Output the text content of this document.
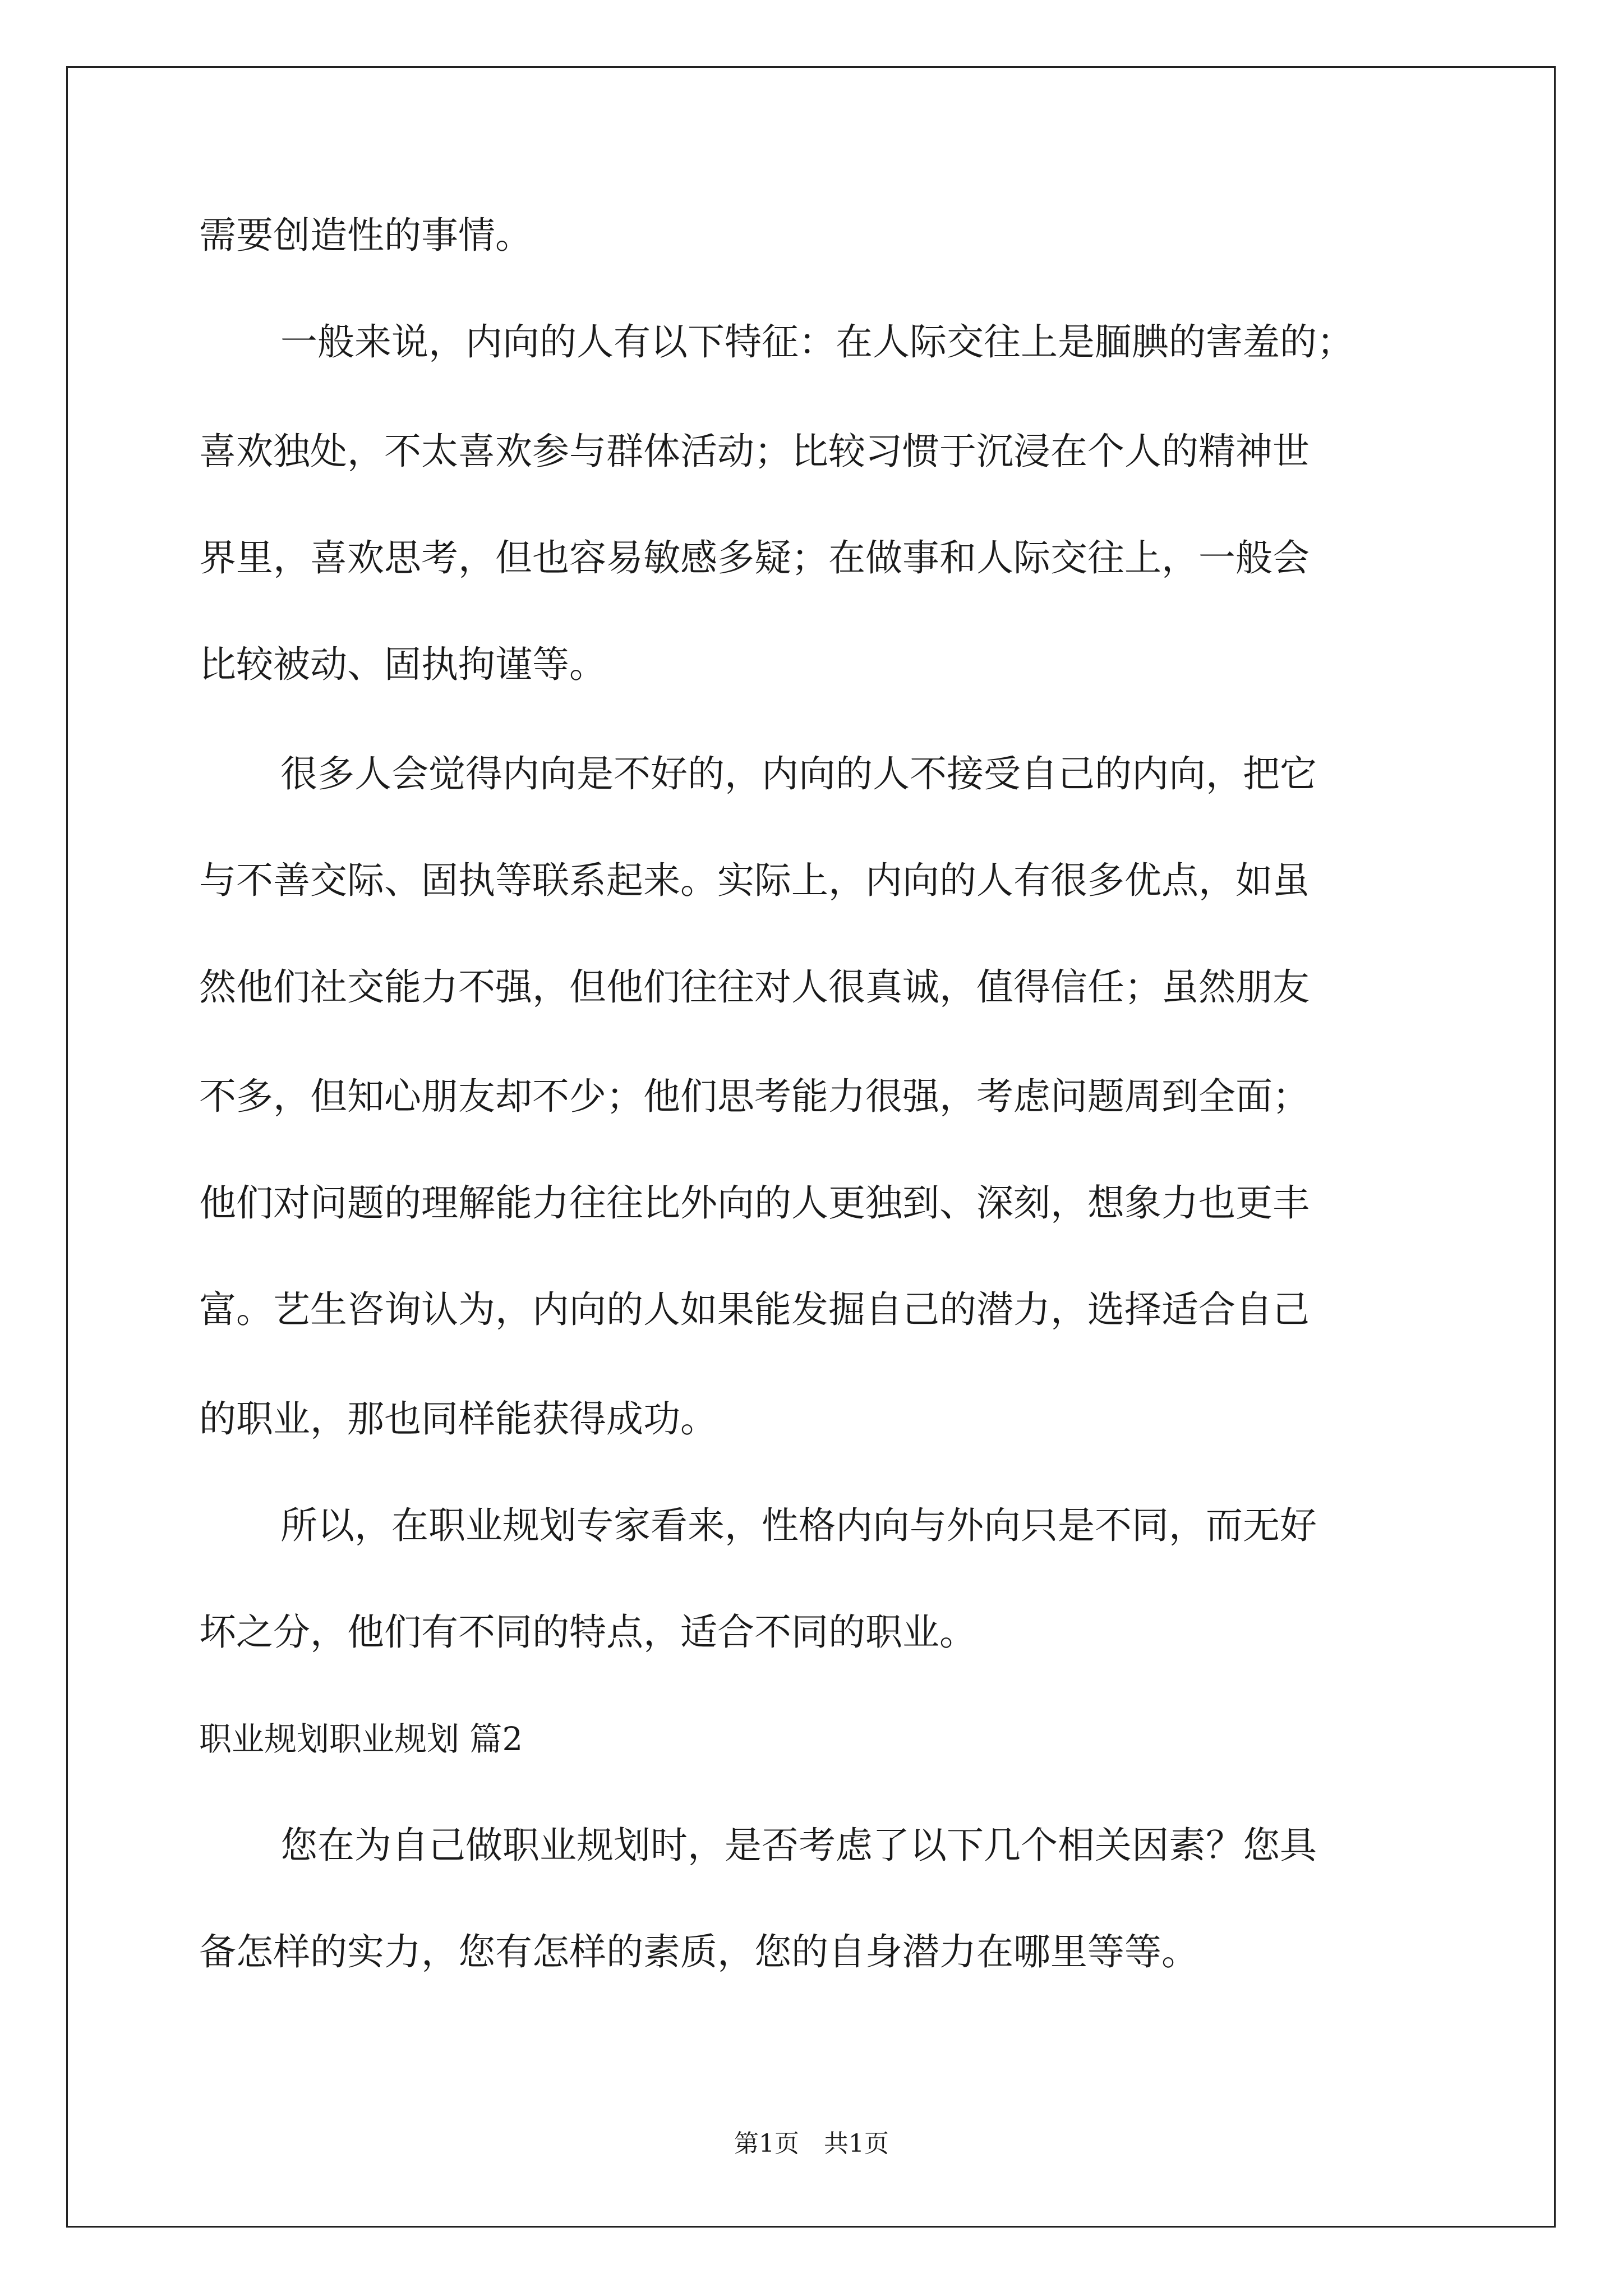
需要创造性的事情。

一般来说，内向的人有以下特征：在人际交往上是腼腆的害羞的；

喜欢独处，不太喜欢参与群体活动；比较习惯于沉浸在个人的精神世

界里，喜欢思考，但也容易敏感多疑；在做事和人际交往上，一般会

比较被动、固执拘谨等。

很多人会觉得内向是不好的，内向的人不接受自己的内向，把它

与不善交际、固执等联系起来。实际上，内向的人有很多优点，如虽

然他们社交能力不强，但他们往往对人很真诚，值得信任；虽然朋友

不多，但知心朋友却不少；他们思考能力很强，考虑问题周到全面；

他们对问题的理解能力往往比外向的人更独到、深刻，想象力也更丰

富。艺生咨询认为，内向的人如果能发掘自己的潜力，选择适合自己

的职业，那也同样能获得成功。

所以，在职业规划专家看来，性格内向与外向只是不同，而无好

坏之分，他们有不同的特点，适合不同的职业。

职业规划职业规划 篇2

您在为自己做职业规划时，是否考虑了以下几个相关因素？您具

备怎样的实力，您有怎样的素质，您的自身潜力在哪里等等。

第1页　共1页
